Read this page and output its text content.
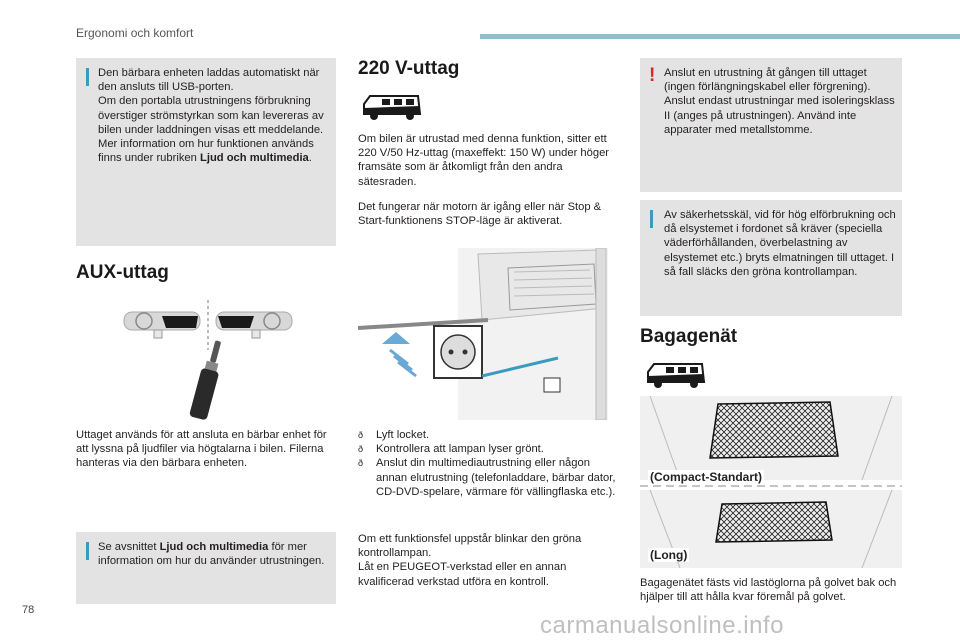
Ergonomi och komfort
78
carmanualsonline.info
Den bärbara enheten laddas automatiskt när den ansluts till USB-porten.
Om den portabla utrustningens förbrukning överstiger strömstyrkan som kan levereras av bilen under laddningen visas ett meddelande.
Mer information om hur funktionen används finns under rubriken Ljud och multimedia.
AUX-uttag
Uttaget används för att ansluta en bärbar enhet för att lyssna på ljudfiler via högtalarna i bilen. Filerna hanteras via den bärbara enheten.
Se avsnittet Ljud och multimedia för mer information om hur du använder utrustningen.
220 V-uttag
Om bilen är utrustad med denna funktion, sitter ett 220 V/50 Hz-uttag (maxeffekt: 150 W) under höger framsäte som är åtkomligt från den andra sätesraden.
Det fungerar när motorn är igång eller när Stop & Start-funktionens STOP-läge är aktiverat.
ð Lyft locket.
ð Kontrollera att lampan lyser grönt.
ð Anslut din multimediautrustning eller någon annan elutrustning (telefonladdare, bärbar dator, CD-DVD-spelare, värmare för vällingflaska etc.).
Om ett funktionsfel uppstår blinkar den gröna kontrollampan.
Låt en PEUGEOT-verkstad eller en annan kvalificerad verkstad utföra en kontroll.
! Anslut en utrustning åt gången till uttaget (ingen förlängningskabel eller förgrening). Anslut endast utrustningar med isoleringsklass II (anges på utrustningen). Använd inte apparater med metallstomme.
Av säkerhetsskäl, vid för hög elförbrukning och då elsystemet i fordonet så kräver (speciella väderförhållanden, överbelastning av elsystemet etc.) bryts elmatningen till uttaget. I så fall släcks den gröna kontrollampan.
Bagagenät
(Compact-Standart)
(Long)
Bagagenätet fästs vid lastöglorna på golvet bak och hjälper till att hålla kvar föremål på golvet.
